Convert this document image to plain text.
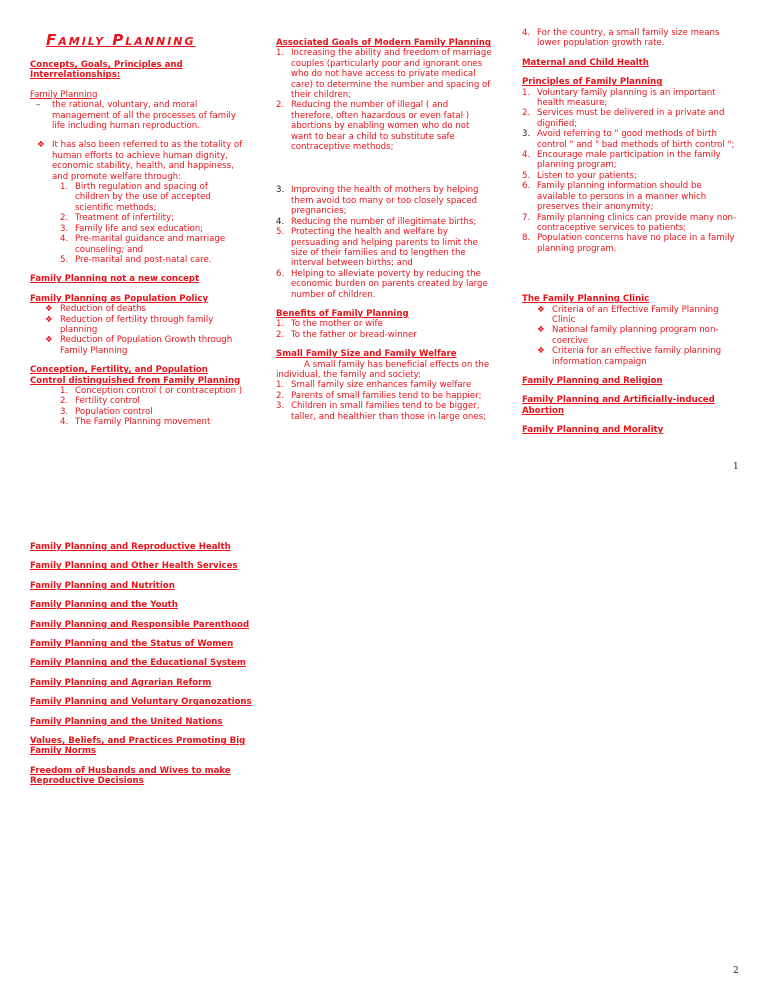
Family Planning
Concepts, Goals, Principles and Interrelationships:
Family Planning
– the rational, voluntary, and moral management of all the processes of family life including human reproduction.
❖ It has also been referred to as the totality of human efforts to achieve human dignity, economic stability, health, and happiness, and promote welfare through:
1. Birth regulation and spacing of children by the use of accepted scientific methods;
2. Treatment of infertility;
3. Family life and sex education;
4. Pre-marital guidance and marriage counseling; and
5. Pre-marital and post-natal care.
Family Planning not a new concept
Family Planning as Population Policy
❖ Reduction of deaths
❖ Reduction of fertility through family planning
❖ Reduction of Population Growth through Family Planning
Conception, Fertility, and Population Control distinguished from Family Planning
1. Conception control ( or contraception )
2. Fertility control
3. Population control
4. The Family Planning movement
Associated Goals of Modern Family Planning
1. Increasing the ability and freedom of marriage couples (particularly poor and ignorant ones who do not have access to private medical care) to determine the number and spacing of their children;
2. Reducing the number of illegal ( and therefore, often hazardous or even fatal ) abortions by enabling women who do not want to bear a child to substitute safe contraceptive methods;
3. Improving the health of mothers by helping them avoid too many or too closely spaced pregnancies;
4. Reducing the number of illegitimate births;
5. Protecting the health and welfare by persuading and helping parents to limit the size of their families and to lengthen the interval between births; and
6. Helping to alleviate poverty by reducing the economic burden on parents created by large number of children.
Benefits of Family Planning
1. To the mother or wife
2. To the father or bread-winner
Small Family Size and Family Welfare

A small family has beneficial effects on the individual, the family and society:

1. Small family size enhances family welfare
2. Parents of small families tend to be happier;
3. Children in small families tend to be bigger, taller, and healthier than those in large ones;
4. For the country, a small family size means lower population growth rate.
Maternal and Child Health
Principles of Family Planning
1. Voluntary family planning is an important health measure;
2. Services must be delivered in a private and dignified;
3. Avoid referring to " good methods of birth control " and " bad methods of birth control ";
4. Encourage male participation in the family planning program;
5. Listen to your patients;
6. Family planning information should be available to persons in a manner which preserves their anonymity;
7. Family planning clinics can provide many non-contraceptive services to patients;
8. Population concerns have no place in a family planning program.
The Family Planning Clinic
❖ Criteria of an Effective Family Planning Clinic
❖ National family planning program non-coercive
❖ Criteria for an effective family planning information campaign
Family Planning and Religion
Family Planning and Artificially-induced Abortion
Family Planning and Morality
1
Family Planning and Reproductive Health
Family Planning and Other Health Services
Family Planning and Nutrition
Family Planning and the Youth
Family Planning and Responsible Parenthood
Family Planning and the Status of Women
Family Planning and the Educational System
Family Planning and Agrarian Reform
Family Planning and Voluntary Organozations
Family Planning and the United Nations
Values, Beliefs, and Practices Promoting Big Family Norms
Freedom of Husbands and Wives to make Reproductive Decisions
2
